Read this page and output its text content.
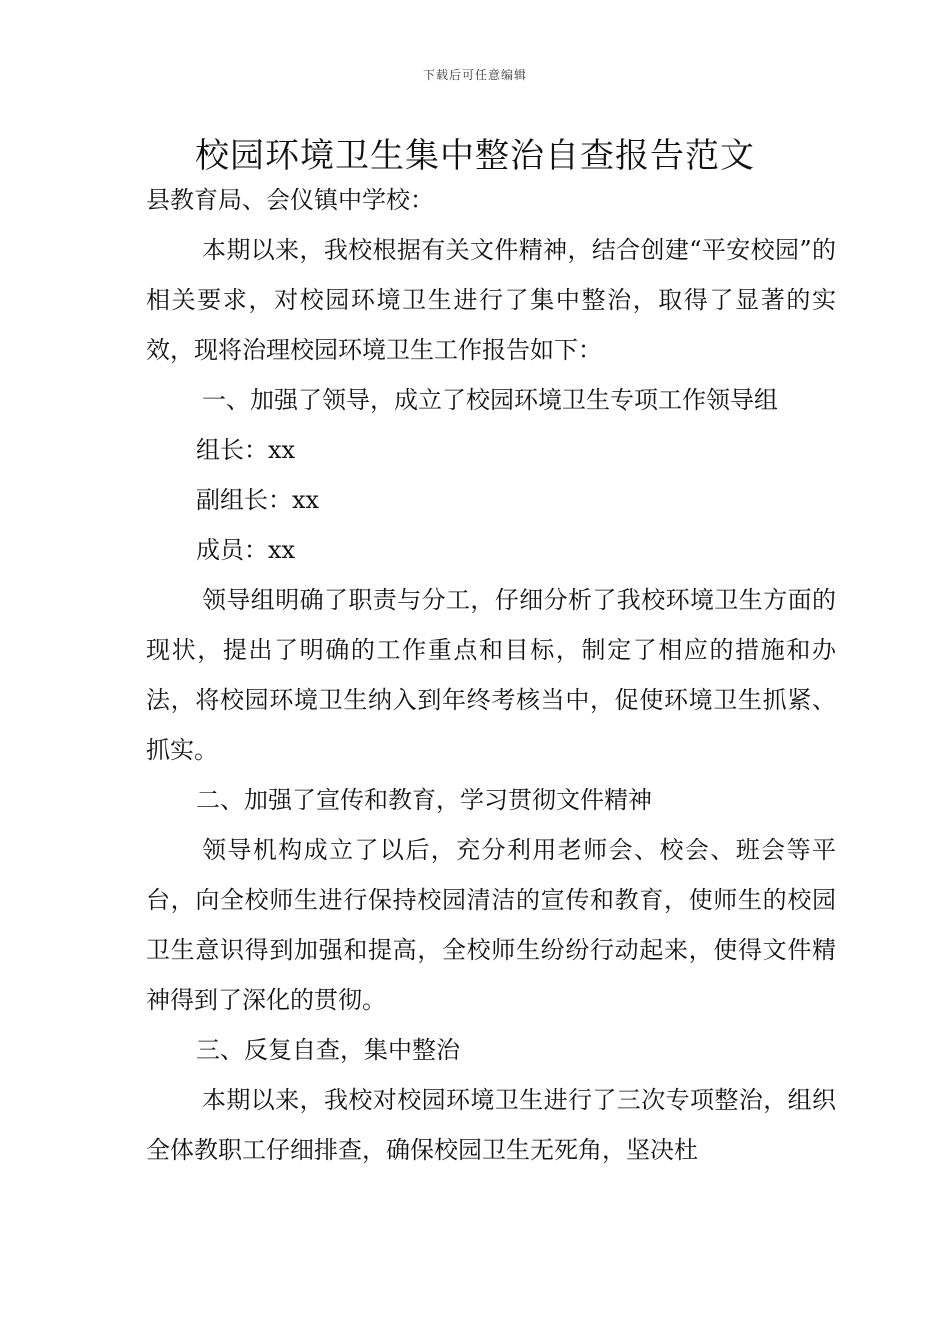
下载后可任意编辑
校园环境卫生集中整治自查报告范文

县教育局、会仪镇中学校：

本期以来，我校根据有关文件精神，结合创建“平安校园”的相关要求，对校园环境卫生进行了集中整治，取得了显著的实效，现将治理校园环境卫生工作报告如下：

一、加强了领导，成立了校园环境卫生专项工作领导组

组长：xx

副组长：xx

成员：xx

领导组明确了职责与分工，仔细分析了我校环境卫生方面的现状，提出了明确的工作重点和目标，制定了相应的措施和办法，将校园环境卫生纳入到年终考核当中，促使环境卫生抓紧、抓实。

二、加强了宣传和教育，学习贯彻文件精神

领导机构成立了以后，充分利用老师会、校会、班会等平台，向全校师生进行保持校园清洁的宣传和教育，使师生的校园卫生意识得到加强和提高，全校师生纷纷行动起来，使得文件精神得到了深化的贯彻。

三、反复自查，集中整治

本期以来，我校对校园环境卫生进行了三次专项整治，组织全体教职工仔细排查，确保校园卫生无死角，坚决杜
